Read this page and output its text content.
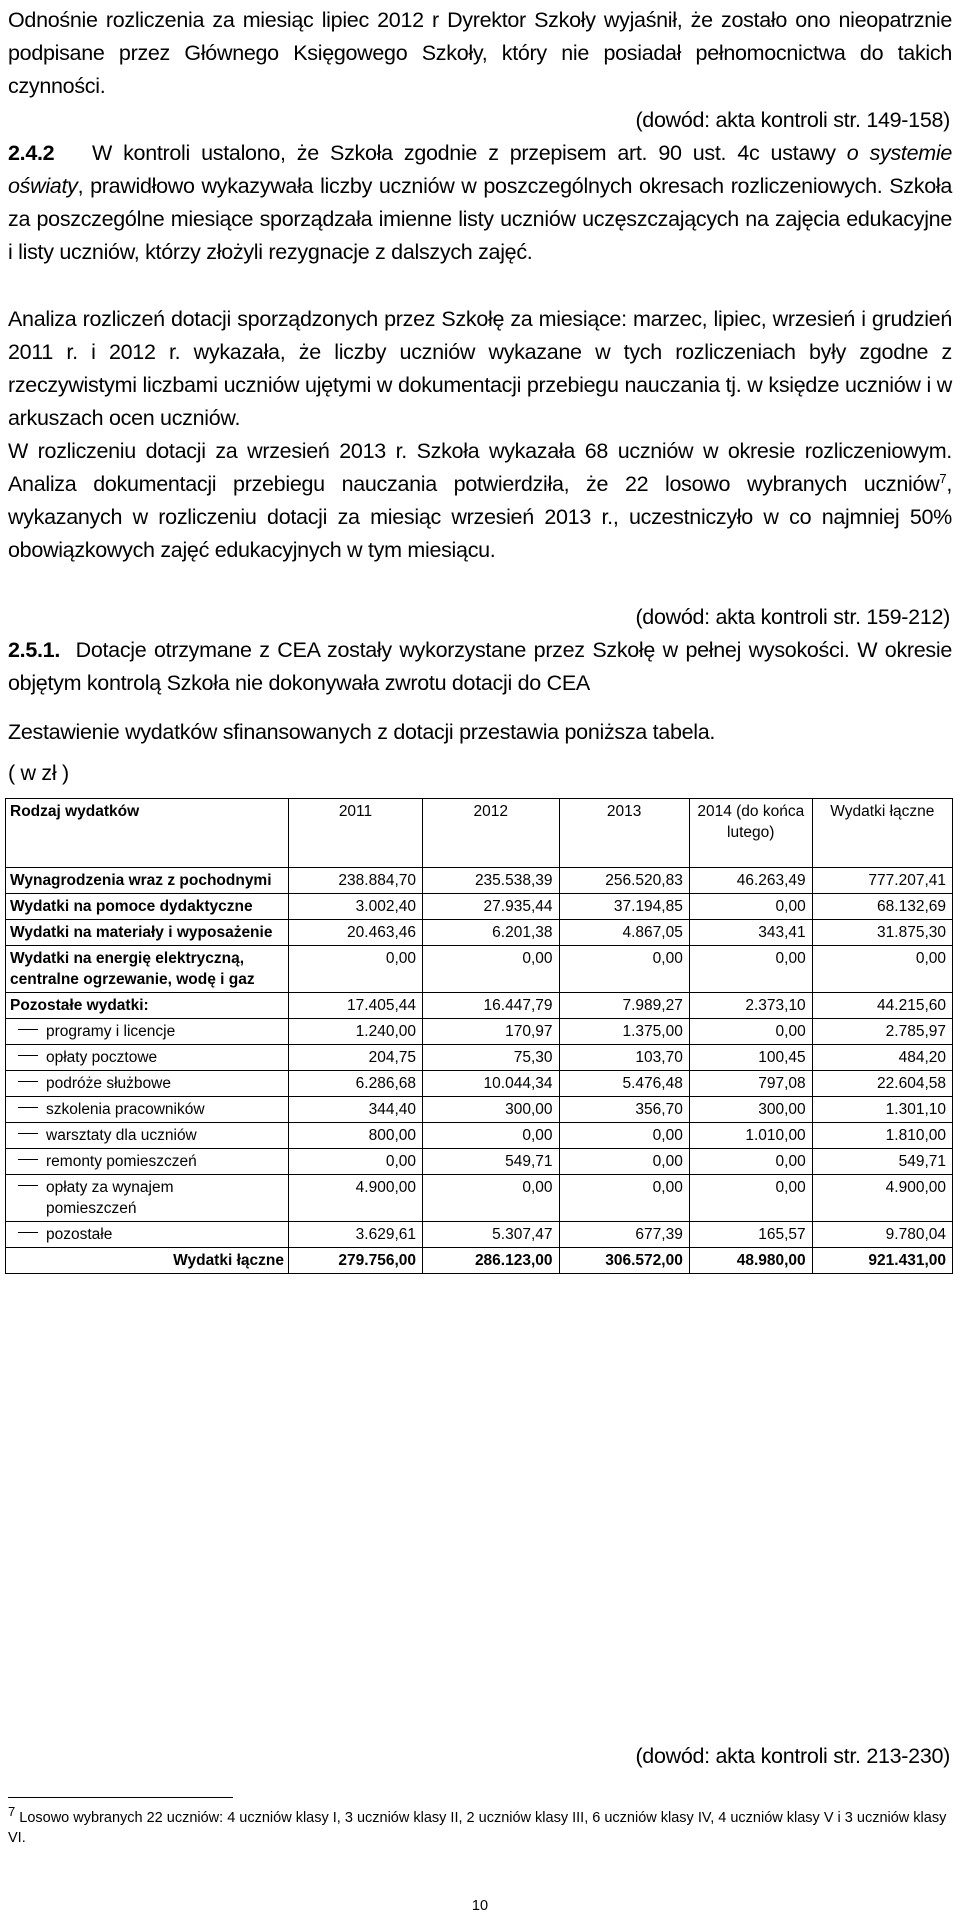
Odnośnie rozliczenia za miesiąc lipiec 2012 r Dyrektor Szkoły wyjaśnił, że zostało ono nieopatrznie podpisane przez Głównego Księgowego Szkoły, który nie posiadał pełnomocnictwa do takich czynności.
(dowód: akta kontroli str. 149-158)
2.4.2 W kontroli ustalono, że Szkoła zgodnie z przepisem art. 90 ust. 4c ustawy o systemie oświaty, prawidłowo wykazywała liczby uczniów w poszczególnych okresach rozliczeniowych. Szkoła za poszczególne miesiące sporządzała imienne listy uczniów uczęszczających na zajęcia edukacyjne i listy uczniów, którzy złożyli rezygnacje z dalszych zajęć.
Analiza rozliczeń dotacji sporządzonych przez Szkołę za miesiące: marzec, lipiec, wrzesień i grudzień 2011 r. i 2012 r. wykazała, że liczby uczniów wykazane w tych rozliczeniach były zgodne z rzeczywistymi liczbami uczniów ujętymi w dokumentacji przebiegu nauczania tj. w księdze uczniów i w arkuszach ocen uczniów.
W rozliczeniu dotacji za wrzesień 2013 r. Szkoła wykazała 68 uczniów w okresie rozliczeniowym. Analiza dokumentacji przebiegu nauczania potwierdziła, że 22 losowo wybranych uczniów$^7$, wykazanych w rozliczeniu dotacji za miesiąc wrzesień 2013 r., uczestniczyło w co najmniej 50% obowiązkowych zajęć edukacyjnych w tym miesiącu.
(dowód: akta kontroli str. 159-212)
2.5.1. Dotacje otrzymane z CEA zostały wykorzystane przez Szkołę w pełnej wysokości. W okresie objętym kontrolą Szkoła nie dokonywała zwrotu dotacji do CEA
Zestawienie wydatków sfinansowanych z dotacji przestawia poniższa tabela.
( w zł )
Rodzaj wydatków	2011	2012	2013	2014 (do końca lutego)	Wydatki łączne
Wynagrodzenia wraz z pochodnymi	238.884,70	235.538,39	256.520,83	46.263,49	777.207,41
Wydatki na pomoce dydaktyczne	3.002,40	27.935,44	37.194,85	0,00	68.132,69
Wydatki na materiały i wyposażenie	20.463,46	6.201,38	4.867,05	343,41	31.875,30
Wydatki na energię elektryczną, centralne ogrzewanie, wodę i gaz	0,00	0,00	0,00	0,00	0,00
Pozostałe wydatki:	17.405,44	16.447,79	7.989,27	2.373,10	44.215,60
programy i licencje	1.240,00	170,97	1.375,00	0,00	2.785,97
opłaty pocztowe	204,75	75,30	103,70	100,45	484,20
podróże służbowe	6.286,68	10.044,34	5.476,48	797,08	22.604,58
szkolenia pracowników	344,40	300,00	356,70	300,00	1.301,10
warsztaty dla uczniów	800,00	0,00	0,00	1.010,00	1.810,00
remonty pomieszczeń	0,00	549,71	0,00	0,00	549,71
opłaty za wynajem pomieszczeń	4.900,00	0,00	0,00	0,00	4.900,00
pozostałe	3.629,61	5.307,47	677,39	165,57	9.780,04
Wydatki łączne	279.756,00	286.123,00	306.572,00	48.980,00	921.431,00
(dowód: akta kontroli str. 213-230)
7 Losowo wybranych 22 uczniów: 4 uczniów klasy I, 3 uczniów klasy II, 2 uczniów klasy III, 6 uczniów klasy IV, 4 uczniów klasy V i 3 uczniów klasy VI.
10
